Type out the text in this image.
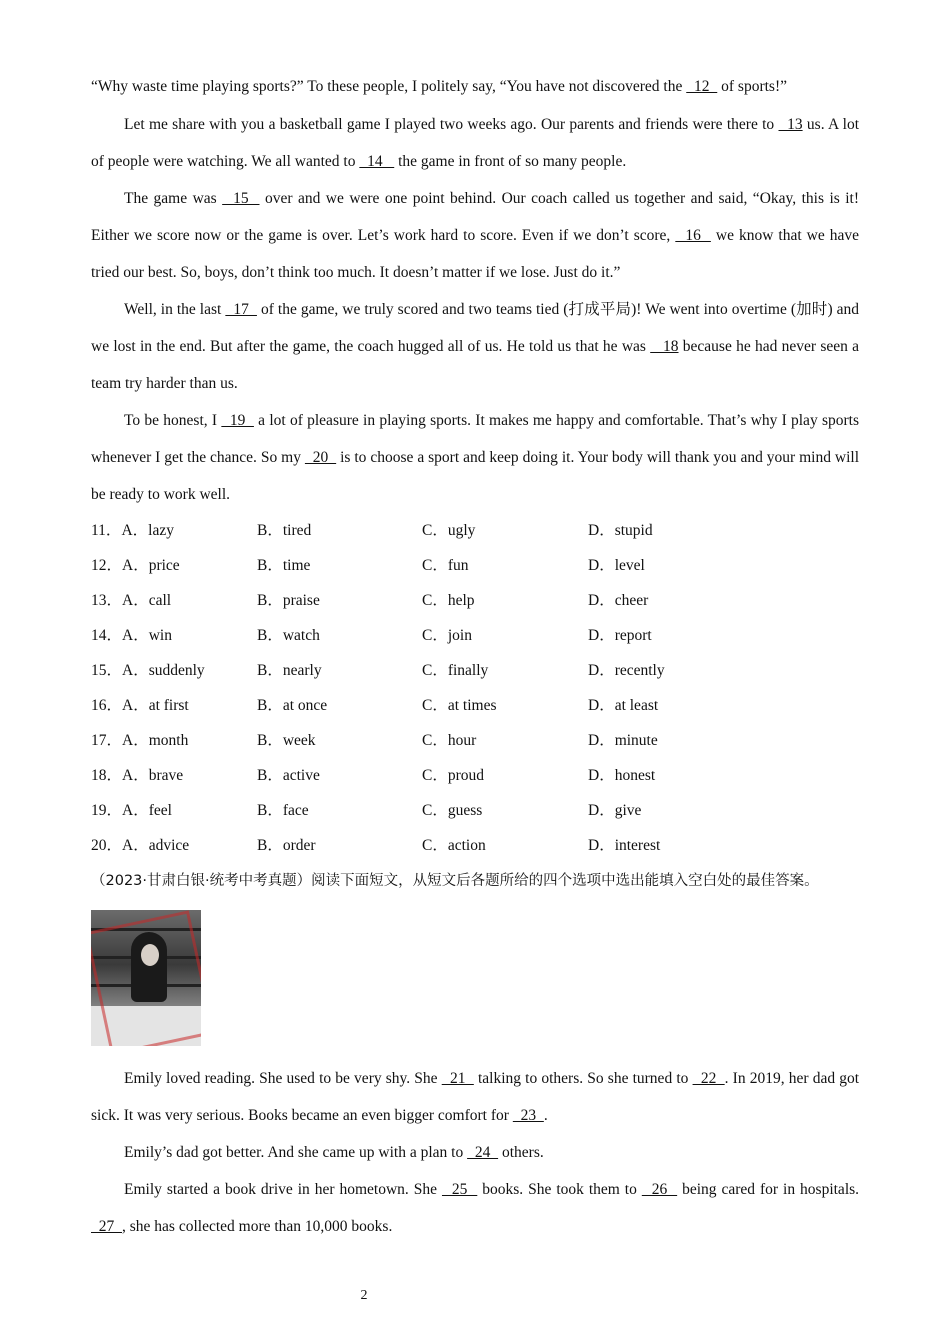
“Why waste time playing sports?” To these people, I politely say, “You have not discovered the   12   of sports!”

Let me share with you a basketball game I played two weeks ago. Our parents and friends were there to   13 us. A lot of people were watching. We all wanted to   14    the game in front of so many people.

The game was   15   over and we were one point behind. Our coach called us together and said, “Okay, this is it! Either we score now or the game is over. Let’s work hard to score. Even if we don’t score,   16   we know that we have tried our best. So, boys, don’t think too much. It doesn’t matter if we lose. Just do it.”

Well, in the last   17   of the game, we truly scored and two teams tied (打成平局)! We went into overtime (加时) and we lost in the end. But after the game, the coach hugged all of us. He told us that he was    18 because he had never seen a team try harder than us.

To be honest, I   19   a lot of pleasure in playing sports. It makes me happy and comfortable. That’s why I play sports whenever I get the chance. So my   20   is to choose a sport and keep doing it. Your body will thank you and your mind will be ready to work well.

11．A．lazy	B．tired	C．ugly	D．stupid
12．A．price	B．time	C．fun	D．level
13．A．call	B．praise	C．help	D．cheer
14．A．win	B．watch	C．join	D．report
15．A．suddenly	B．nearly	C．finally	D．recently
16．A．at first	B．at once	C．at times	D．at least
17．A．month	B．week	C．hour	D．minute
18．A．brave	B．active	C．proud	D．honest
19．A．feel	B．face	C．guess	D．give
20．A．advice	B．order	C．action	D．interest

（2023·甘肃白银·统考中考真题）阅读下面短文，从短文后各题所给的四个选项中选出能填入空白处的最佳答案。

Emily loved reading. She used to be very shy. She   21   talking to others. So she turned to   22  . In 2019, her dad got sick. It was very serious. Books became an even bigger comfort for   23  .

Emily’s dad got better. And she came up with a plan to   24   others.

Emily started a book drive in her hometown. She   25   books. She took them to   26   being cared for in hospitals.   27  , she has collected more than 10,000 books.

2
